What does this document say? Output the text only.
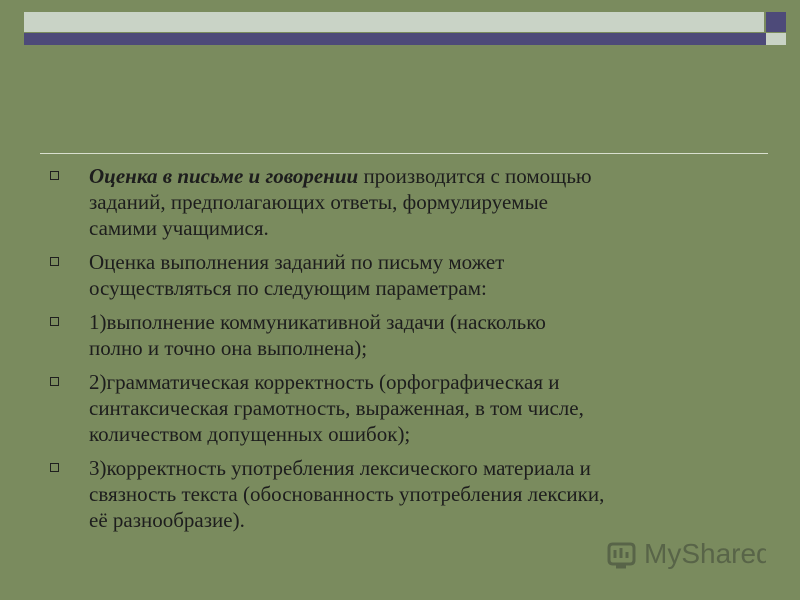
Оценка в письме и говорении производится с помощью
заданий, предполагающих ответы, формулируемые
самими учащимися.
Оценка выполнения заданий по письму может
осуществляться по следующим параметрам:
1)выполнение коммуникативной задачи (насколько
полно и точно она выполнена);
2)грамматическая корректность (орфографическая и
синтаксическая грамотность, выраженная, в том числе,
количеством допущенных ошибок);
3)корректность употребления лексического материала и
связность текста (обоснованность употребления лексики,
её разнообразие).
MyShared
